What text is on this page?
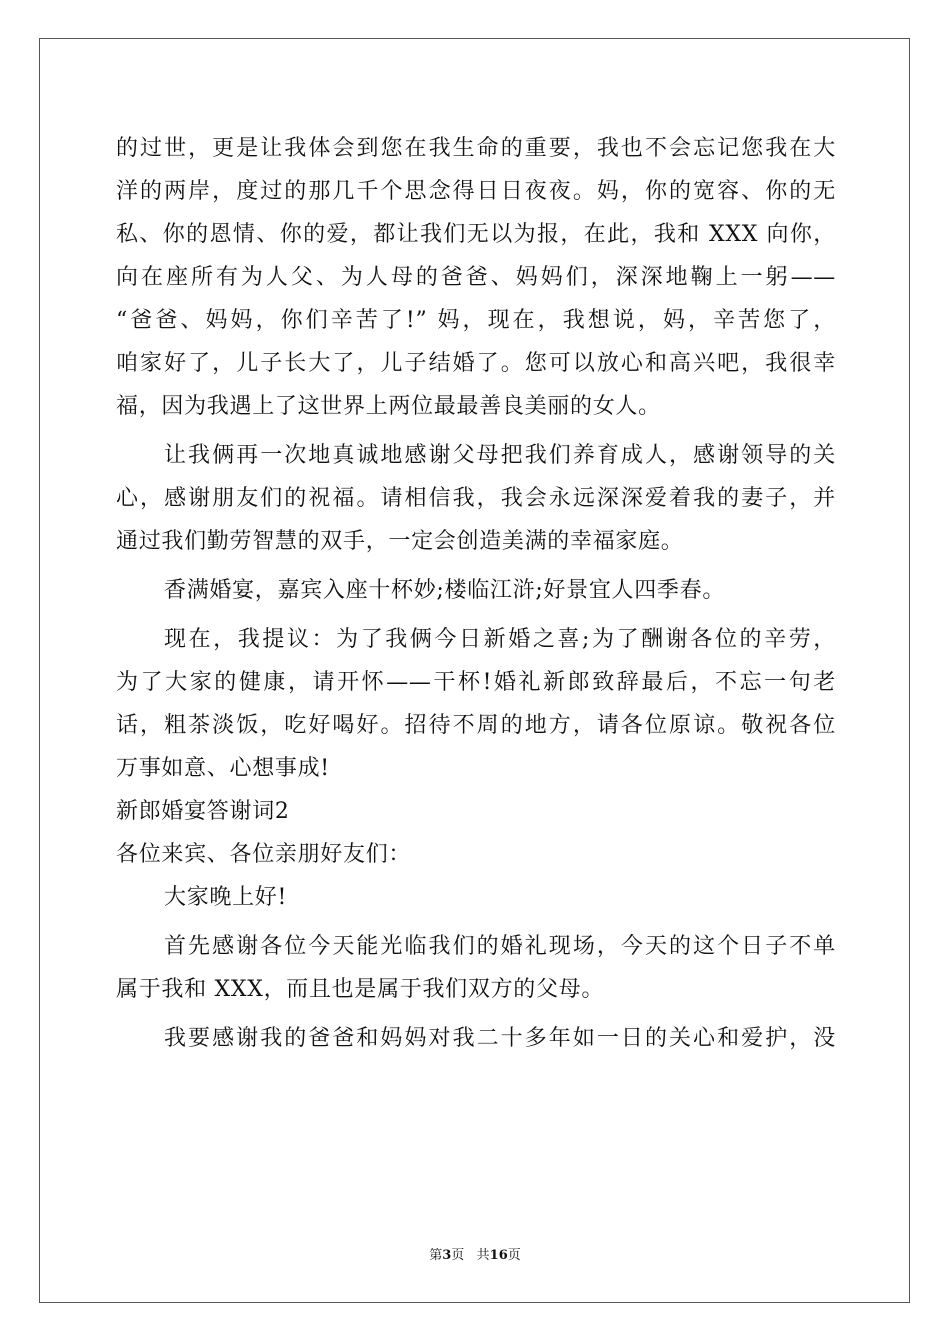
的过世，更是让我体会到您在我生命的重要，我也不会忘记您我在大
洋的两岸，度过的那几千个思念得日日夜夜。妈，你的宽容、你的无
私、你的恩情、你的爱，都让我们无以为报，在此，我和 XXX 向你，
向在座所有为人父、为人母的爸爸、妈妈们，深深地鞠上一躬——
“爸爸、妈妈，你们辛苦了!” 妈，现在，我想说，妈，辛苦您了，
咱家好了，儿子长大了，儿子结婚了。您可以放心和高兴吧，我很幸
福，因为我遇上了这世界上两位最最善良美丽的女人。
让我俩再一次地真诚地感谢父母把我们养育成人，感谢领导的关
心，感谢朋友们的祝福。请相信我，我会永远深深爱着我的妻子，并
通过我们勤劳智慧的双手，一定会创造美满的幸福家庭。
香满婚宴，嘉宾入座十杯妙;楼临江浒;好景宜人四季春。
现在，我提议：为了我俩今日新婚之喜;为了酬谢各位的辛劳，
为了大家的健康，请开怀——干杯!婚礼新郎致辞最后，不忘一句老
话，粗茶淡饭，吃好喝好。招待不周的地方，请各位原谅。敬祝各位
万事如意、心想事成!
新郎婚宴答谢词2
各位来宾、各位亲朋好友们：
大家晚上好!
首先感谢各位今天能光临我们的婚礼现场，今天的这个日子不单
属于我和 XXX，而且也是属于我们双方的父母。
我要感谢我的爸爸和妈妈对我二十多年如一日的关心和爱护，没
第3页   共16页
